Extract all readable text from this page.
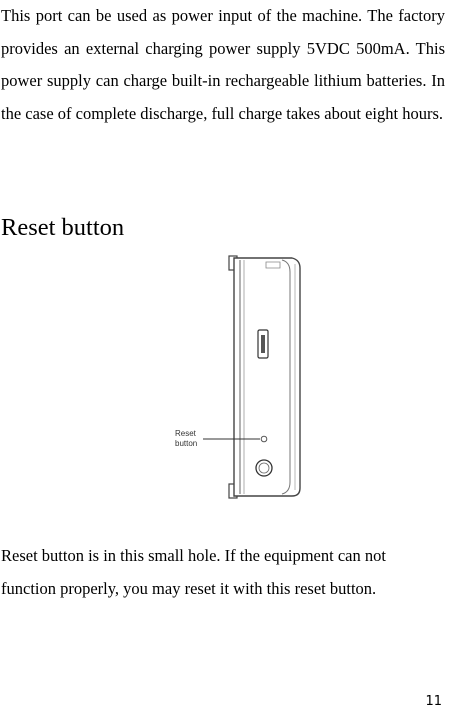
This port can be used as power input of the machine. The factory provides an external charging power supply 5VDC 500mA. This power supply can charge built-in rechargeable lithium batteries. In the case of complete discharge, full charge takes about eight hours.

Reset button
Reset
button

Reset button is in this small hole. If the equipment can not function properly, you may reset it with this reset button.

11
